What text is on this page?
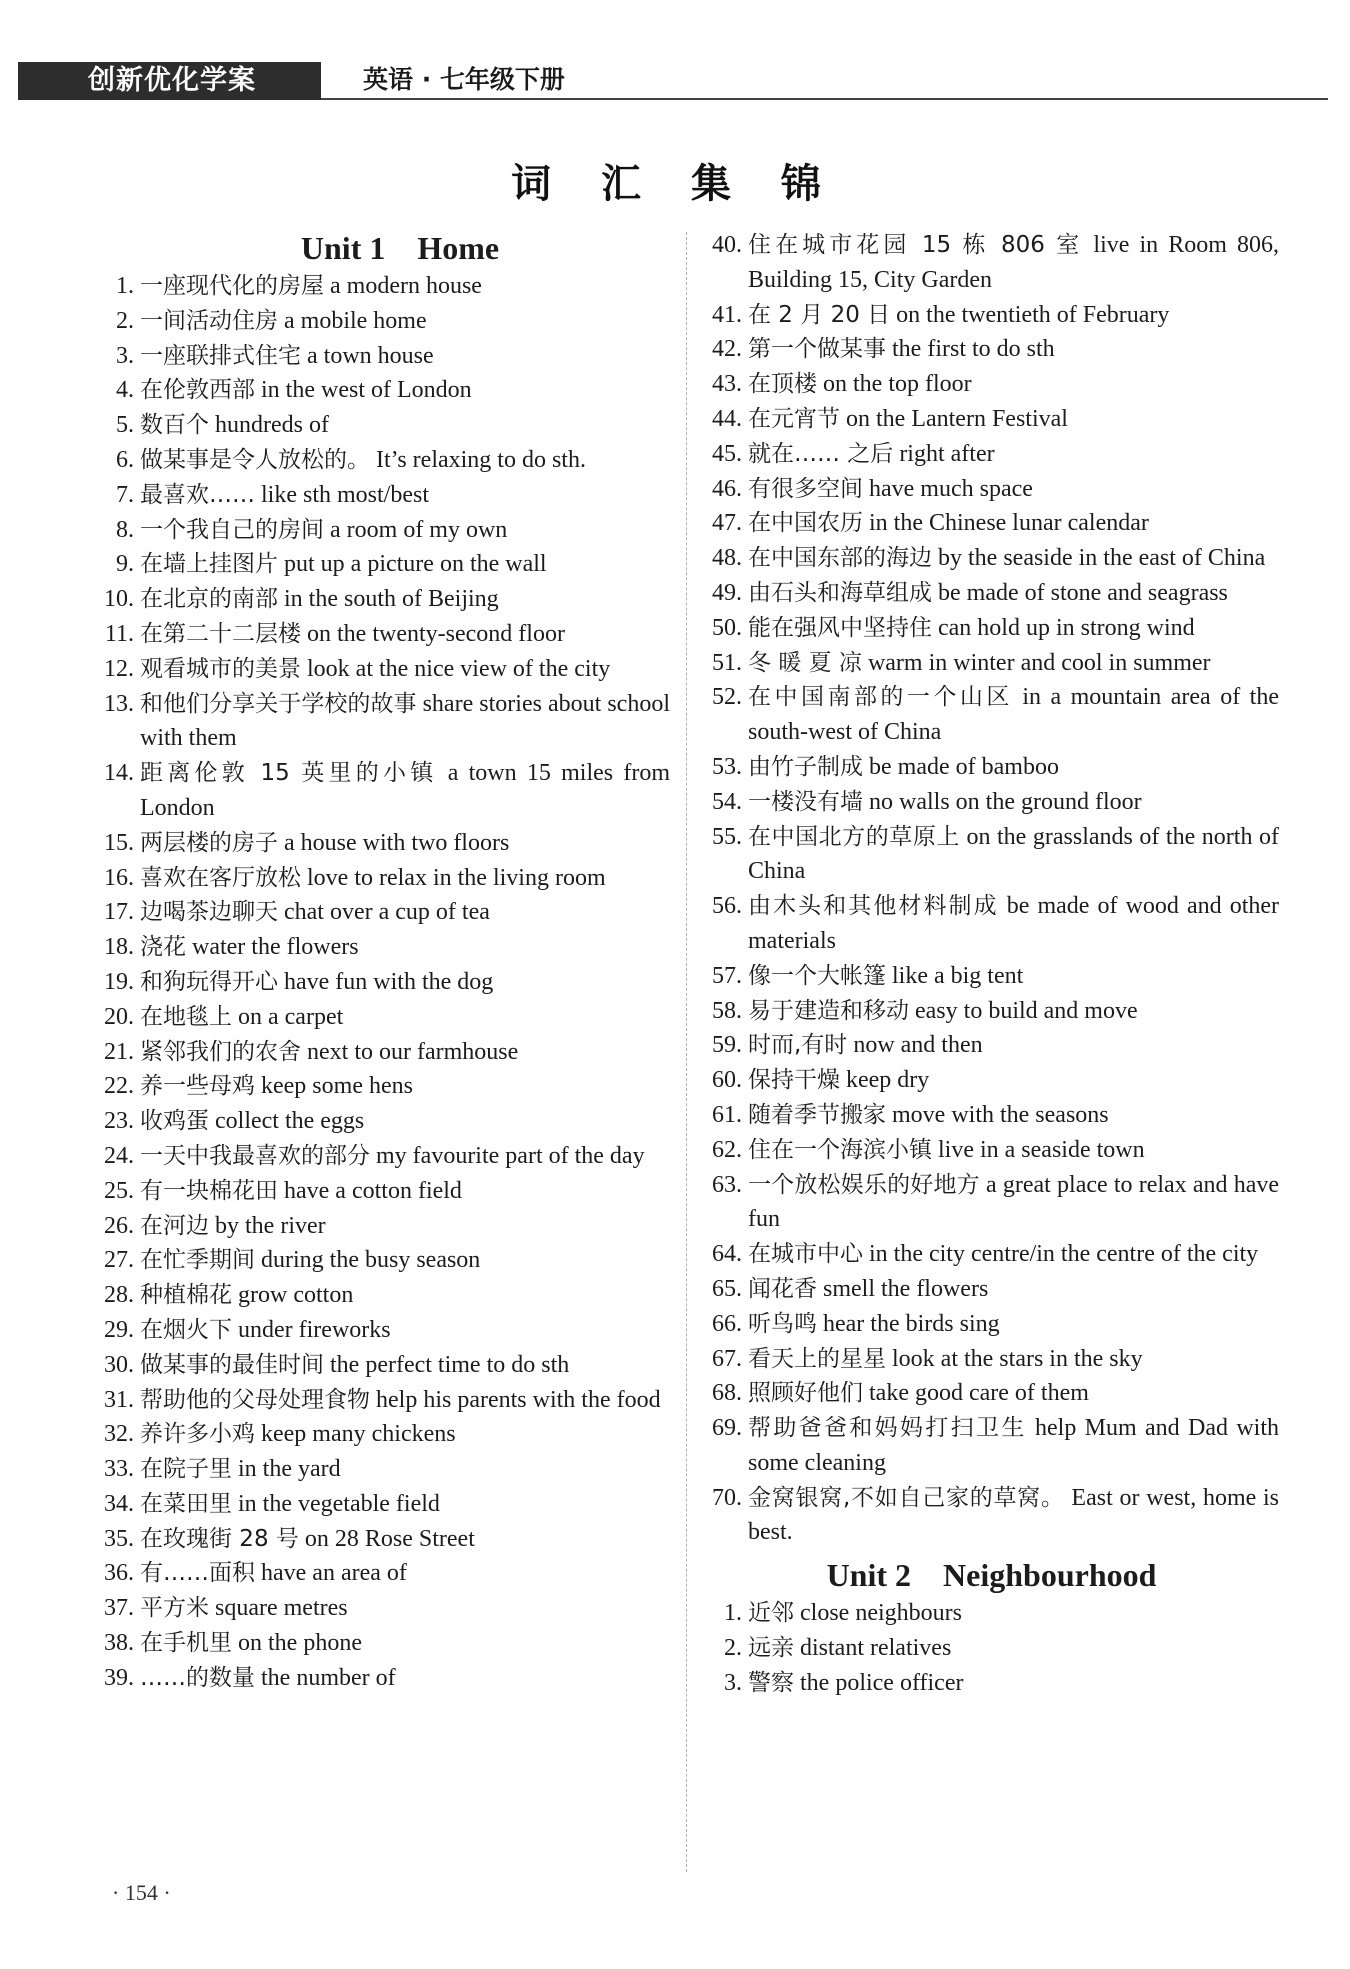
创新优化学案	英语 · 七年级下册
词 汇 集 锦
Unit 1　Home
1. 一座现代化的房屋 a modern house
2. 一间活动住房 a mobile home
3. 一座联排式住宅 a town house
4. 在伦敦西部 in the west of London
5. 数百个 hundreds of
6. 做某事是令人放松的。 It’s relaxing to do sth.
7. 最喜欢…… like sth most/best
8. 一个我自己的房间 a room of my own
9. 在墙上挂图片 put up a picture on the wall
10. 在北京的南部 in the south of Beijing
11. 在第二十二层楼 on the twenty-second floor
12. 观看城市的美景 look at the nice view of the city
13. 和他们分享关于学校的故事 share stories about school with them
14. 距离伦敦 15 英里的小镇 a town 15 miles from London
15. 两层楼的房子 a house with two floors
16. 喜欢在客厅放松 love to relax in the living room
17. 边喝茶边聊天 chat over a cup of tea
18. 浇花 water the flowers
19. 和狗玩得开心 have fun with the dog
20. 在地毯上 on a carpet
21. 紧邻我们的农舍 next to our farmhouse
22. 养一些母鸡 keep some hens
23. 收鸡蛋 collect the eggs
24. 一天中我最喜欢的部分 my favourite part of the day
25. 有一块棉花田 have a cotton field
26. 在河边 by the river
27. 在忙季期间 during the busy season
28. 种植棉花 grow cotton
29. 在烟火下 under fireworks
30. 做某事的最佳时间 the perfect time to do sth
31. 帮助他的父母处理食物 help his parents with the food
32. 养许多小鸡 keep many chickens
33. 在院子里 in the yard
34. 在菜田里 in the vegetable field
35. 在玫瑰街 28 号 on 28 Rose Street
36. 有……面积 have an area of
37. 平方米 square metres
38. 在手机里 on the phone
39. ……的数量 the number of
40. 住在城市花园 15 栋 806 室 live in Room 806, Building 15, City Garden
41. 在 2 月 20 日 on the twentieth of February
42. 第一个做某事 the first to do sth
43. 在顶楼 on the top floor
44. 在元宵节 on the Lantern Festival
45. 就在…… 之后 right after
46. 有很多空间 have much space
47. 在中国农历 in the Chinese lunar calendar
48. 在中国东部的海边 by the seaside in the east of China
49. 由石头和海草组成 be made of stone and seagrass
50. 能在强风中坚持住 can hold up in strong wind
51. 冬 暖 夏 凉 warm in winter and cool in summer
52. 在中国南部的一个山区 in a mountain area of the south-west of China
53. 由竹子制成 be made of bamboo
54. 一楼没有墙 no walls on the ground floor
55. 在中国北方的草原上 on the grasslands of the north of China
56. 由木头和其他材料制成 be made of wood and other materials
57. 像一个大帐篷 like a big tent
58. 易于建造和移动 easy to build and move
59. 时而,有时 now and then
60. 保持干燥 keep dry
61. 随着季节搬家 move with the seasons
62. 住在一个海滨小镇 live in a seaside town
63. 一个放松娱乐的好地方 a great place to relax and have fun
64. 在城市中心 in the city centre/in the centre of the city
65. 闻花香 smell the flowers
66. 听鸟鸣 hear the birds sing
67. 看天上的星星 look at the stars in the sky
68. 照顾好他们 take good care of them
69. 帮助爸爸和妈妈打扫卫生 help Mum and Dad with some cleaning
70. 金窝银窝,不如自己家的草窝。 East or west, home is best.
Unit 2　Neighbourhood
1. 近邻 close neighbours
2. 远亲 distant relatives
3. 警察 the police officer
· 154 ·
